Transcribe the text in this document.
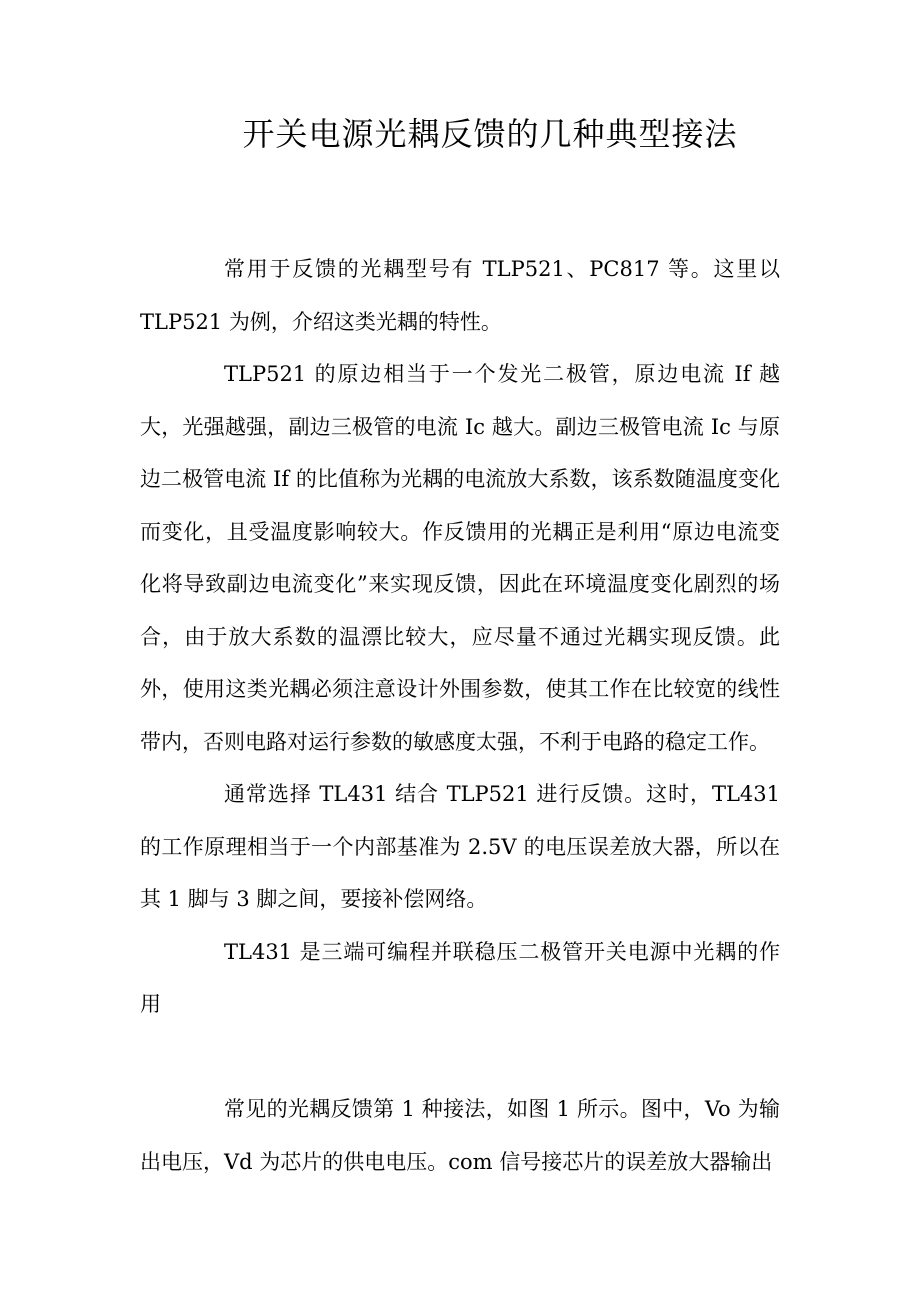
开关电源光耦反馈的几种典型接法

常用于反馈的光耦型号有 TLP521、PC817 等。这里以 TLP521 为例，介绍这类光耦的特性。

TLP521 的原边相当于一个发光二极管，原边电流 If 越大，光强越强，副边三极管的电流 Ic 越大。副边三极管电流 Ic 与原边二极管电流 If 的比值称为光耦的电流放大系数，该系数随温度变化而变化，且受温度影响较大。作反馈用的光耦正是利用“原边电流变化将导致副边电流变化”来实现反馈，因此在环境温度变化剧烈的场合，由于放大系数的温漂比较大，应尽量不通过光耦实现反馈。此外，使用这类光耦必须注意设计外围参数，使其工作在比较宽的线性带内，否则电路对运行参数的敏感度太强，不利于电路的稳定工作。

通常选择 TL431 结合 TLP521 进行反馈。这时，TL431 的工作原理相当于一个内部基准为 2.5V 的电压误差放大器，所以在其 1 脚与 3 脚之间，要接补偿网络。

TL431 是三端可编程并联稳压二极管开关电源中光耦的作用

常见的光耦反馈第 1 种接法，如图 1 所示。图中，Vo 为输出电压，Vd 为芯片的供电电压。com 信号接芯片的误差放大器输出
